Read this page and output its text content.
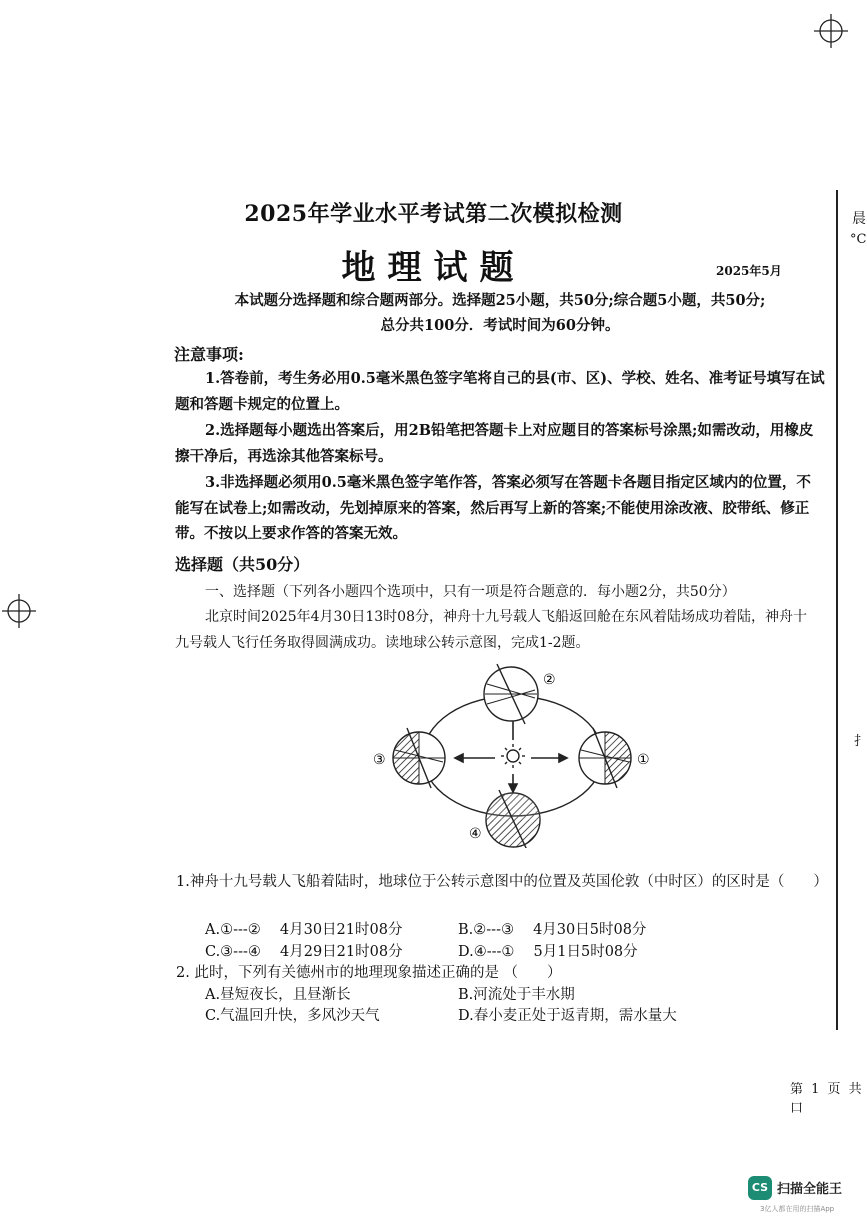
晨
°C
扌
2025年学业水平考试第二次模拟检测
地理试题	2025年5月
本试题分选择题和综合题两部分。选择题25小题，共50分;综合题5小题，共50分;
总分共100分．考试时间为60分钟。
注意事项:
1.答卷前，考生务必用0.5毫米黑色签字笔将自己的县(市、区)、学校、姓名、准考证号填写在试题和答题卡规定的位置上。
2.选择题每小题选出答案后，用2B铅笔把答题卡上对应题目的答案标号涂黑;如需改动，用橡皮擦干净后，再选涂其他答案标号。
3.非选择题必须用0.5毫米黑色签字笔作答，答案必须写在答题卡各题目指定区域内的位置，不能写在试卷上;如需改动，先划掉原来的答案，然后再写上新的答案;不能使用涂改液、胶带纸、修正带。不按以上要求作答的答案无效。
选择题（共50分）
一、选择题（下列各小题四个选项中，只有一项是符合题意的．每小题2分，共50分）
北京时间2025年4月30日13时08分，神舟十九号载人飞船返回舱在东风着陆场成功着陆，神舟十九号载人飞行任务取得圆满成功。读地球公转示意图，完成1-2题。
②
①
③
④
1.神舟十九号载人飞船着陆时，地球位于公转示意图中的位置及英国伦敦（中时区）的区时是（　　）
A.①---②　 4月30日21时08分	B.②---③　 4月30日5时08分
C.③---④　 4月29日21时08分	D.④---①　 5月1日5时08分
2. 此时，下列有关德州市的地理现象描述正确的是 （　　）
A.昼短夜长，且昼渐长	B.河流处于丰水期
C.气温回升快，多风沙天气	D.春小麦正处于返青期，需水量大
第 1 页 共口
CS 扫描全能王
3亿人都在用的扫描App
